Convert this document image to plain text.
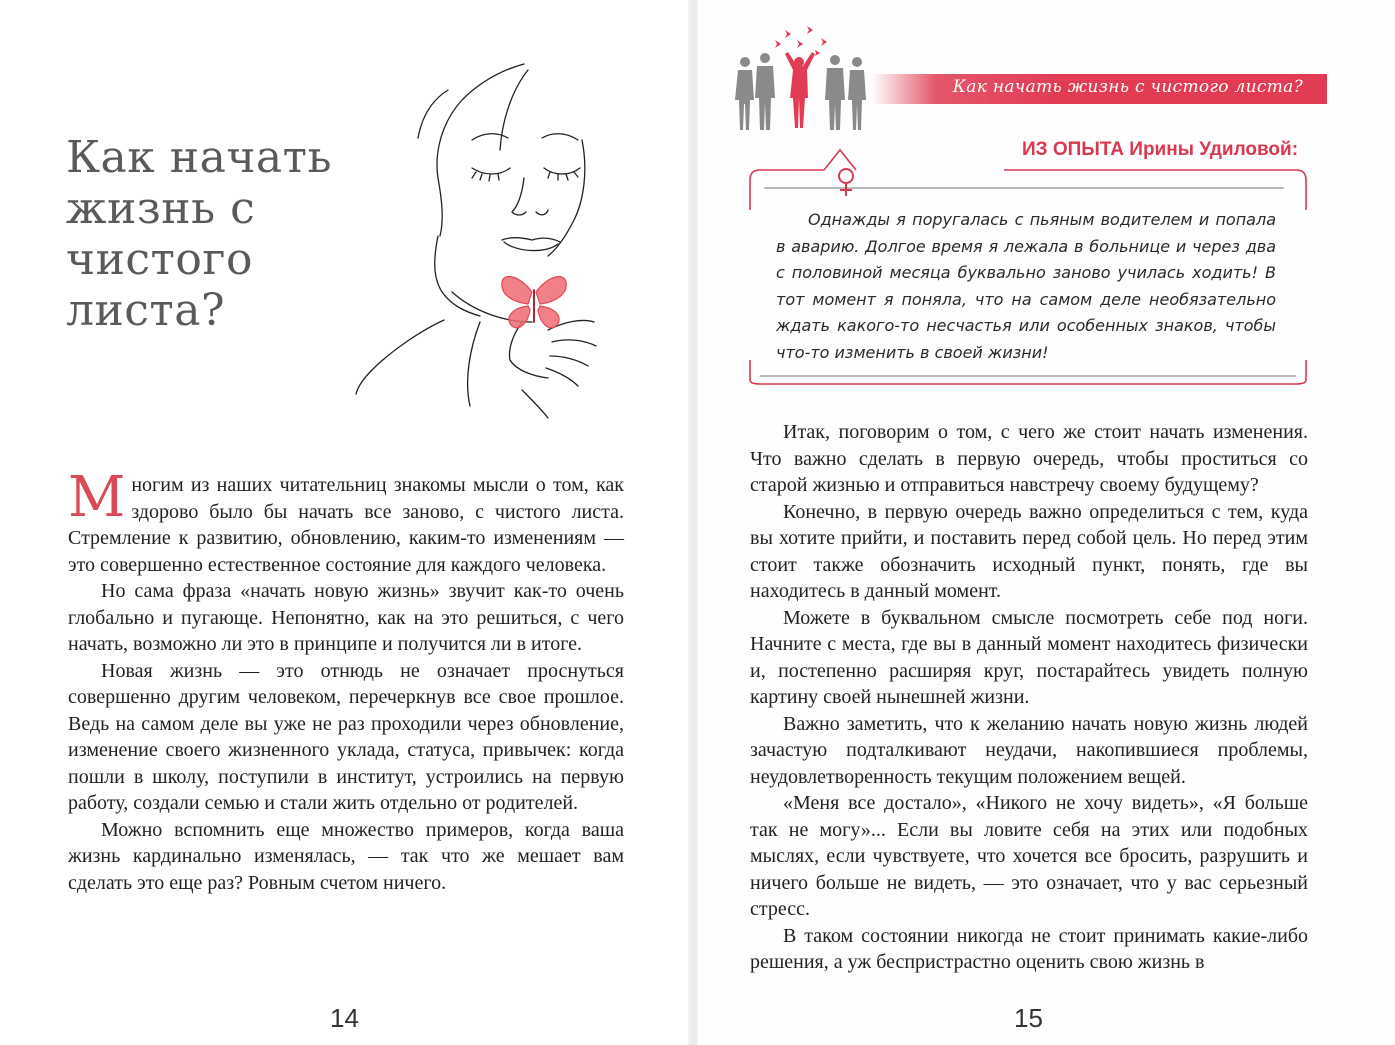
Как начать жизнь с чистого листа?

Многим из наших читательниц знакомы мысли о том, как здорово было бы начать все заново, с чистого листа. Стремление к развитию, обновлению, каким-то изменениям — это совершенно естественное состояние для каждого человека.

Но сама фраза «начать новую жизнь» звучит как-то очень глобально и пугающе. Непонятно, как на это решиться, с чего начать, возможно ли это в принципе и получится ли в итоге.

Новая жизнь — это отнюдь не означает проснуться совершенно другим человеком, перечеркнув все свое прошлое. Ведь на самом деле вы уже не раз проходили через обновление, изменение своего жизненного уклада, статуса, привычек: когда пошли в школу, поступили в институт, устроились на первую работу, создали семью и стали жить отдельно от родителей.

Можно вспомнить еще множество примеров, когда ваша жизнь кардинально изменялась, — так что же мешает вам сделать это еще раз? Ровным счетом ничего.

14
Как начать жизнь с чистого листа?
ИЗ ОПЫТА Ирины Удиловой:

Однажды я поругалась с пьяным водителем и попала в аварию. Долгое время я лежала в больнице и через два с половиной месяца буквально заново училась ходить! В тот момент я поняла, что на самом деле необязательно ждать какого-то несчастья или особенных знаков, чтобы что-то изменить в своей жизни!

Итак, поговорим о том, с чего же стоит начать изменения. Что важно сделать в первую очередь, чтобы проститься со старой жизнью и отправиться навстречу своему будущему?

Конечно, в первую очередь важно определиться с тем, куда вы хотите прийти, и поставить перед собой цель. Но перед этим стоит также обозначить исходный пункт, понять, где вы находитесь в данный момент.

Можете в буквальном смысле посмотреть себе под ноги. Начните с места, где вы в данный момент находитесь физически и, постепенно расширяя круг, постарайтесь увидеть полную картину своей нынешней жизни.

Важно заметить, что к желанию начать новую жизнь людей зачастую подталкивают неудачи, накопившиеся проблемы, неудовлетворенность текущим положением вещей.

«Меня все достало», «Никого не хочу видеть», «Я больше так не могу»... Если вы ловите себя на этих или подобных мыслях, если чувствуете, что хочется все бросить, разрушить и ничего больше не видеть, — это означает, что у вас серьезный стресс.

В таком состоянии никогда не стоит принимать какие-либо решения, а уж беспристрастно оценить свою жизнь в

15
